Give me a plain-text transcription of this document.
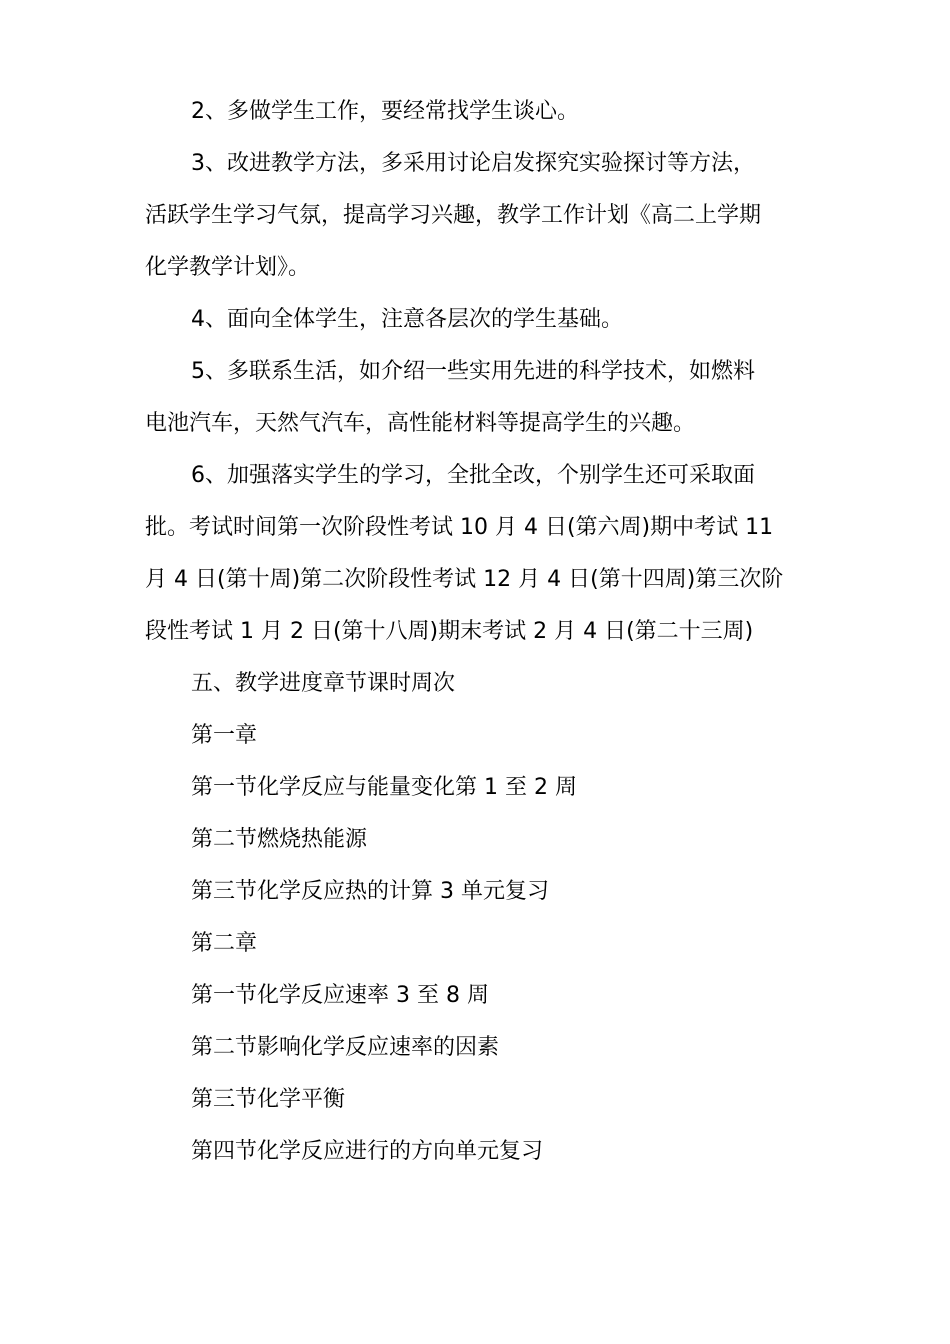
2、多做学生工作，要经常找学生谈心。

3、改进教学方法，多采用讨论启发探究实验探讨等方法，
活跃学生学习气氛，提高学习兴趣，教学工作计划《高二上学期
化学教学计划》。

4、面向全体学生，注意各层次的学生基础。

5、多联系生活，如介绍一些实用先进的科学技术，如燃料
电池汽车，天然气汽车，高性能材料等提高学生的兴趣。

6、加强落实学生的学习，全批全改，个别学生还可采取面
批。考试时间第一次阶段性考试 10 月 4 日(第六周)期中考试 11
月 4 日(第十周)第二次阶段性考试 12 月 4 日(第十四周)第三次阶
段性考试 1 月 2 日(第十八周)期末考试 2 月 4 日(第二十三周)

五、教学进度章节课时周次

第一章

第一节化学反应与能量变化第 1 至 2 周

第二节燃烧热能源

第三节化学反应热的计算 3 单元复习

第二章

第一节化学反应速率 3 至 8 周

第二节影响化学反应速率的因素

第三节化学平衡

第四节化学反应进行的方向单元复习
